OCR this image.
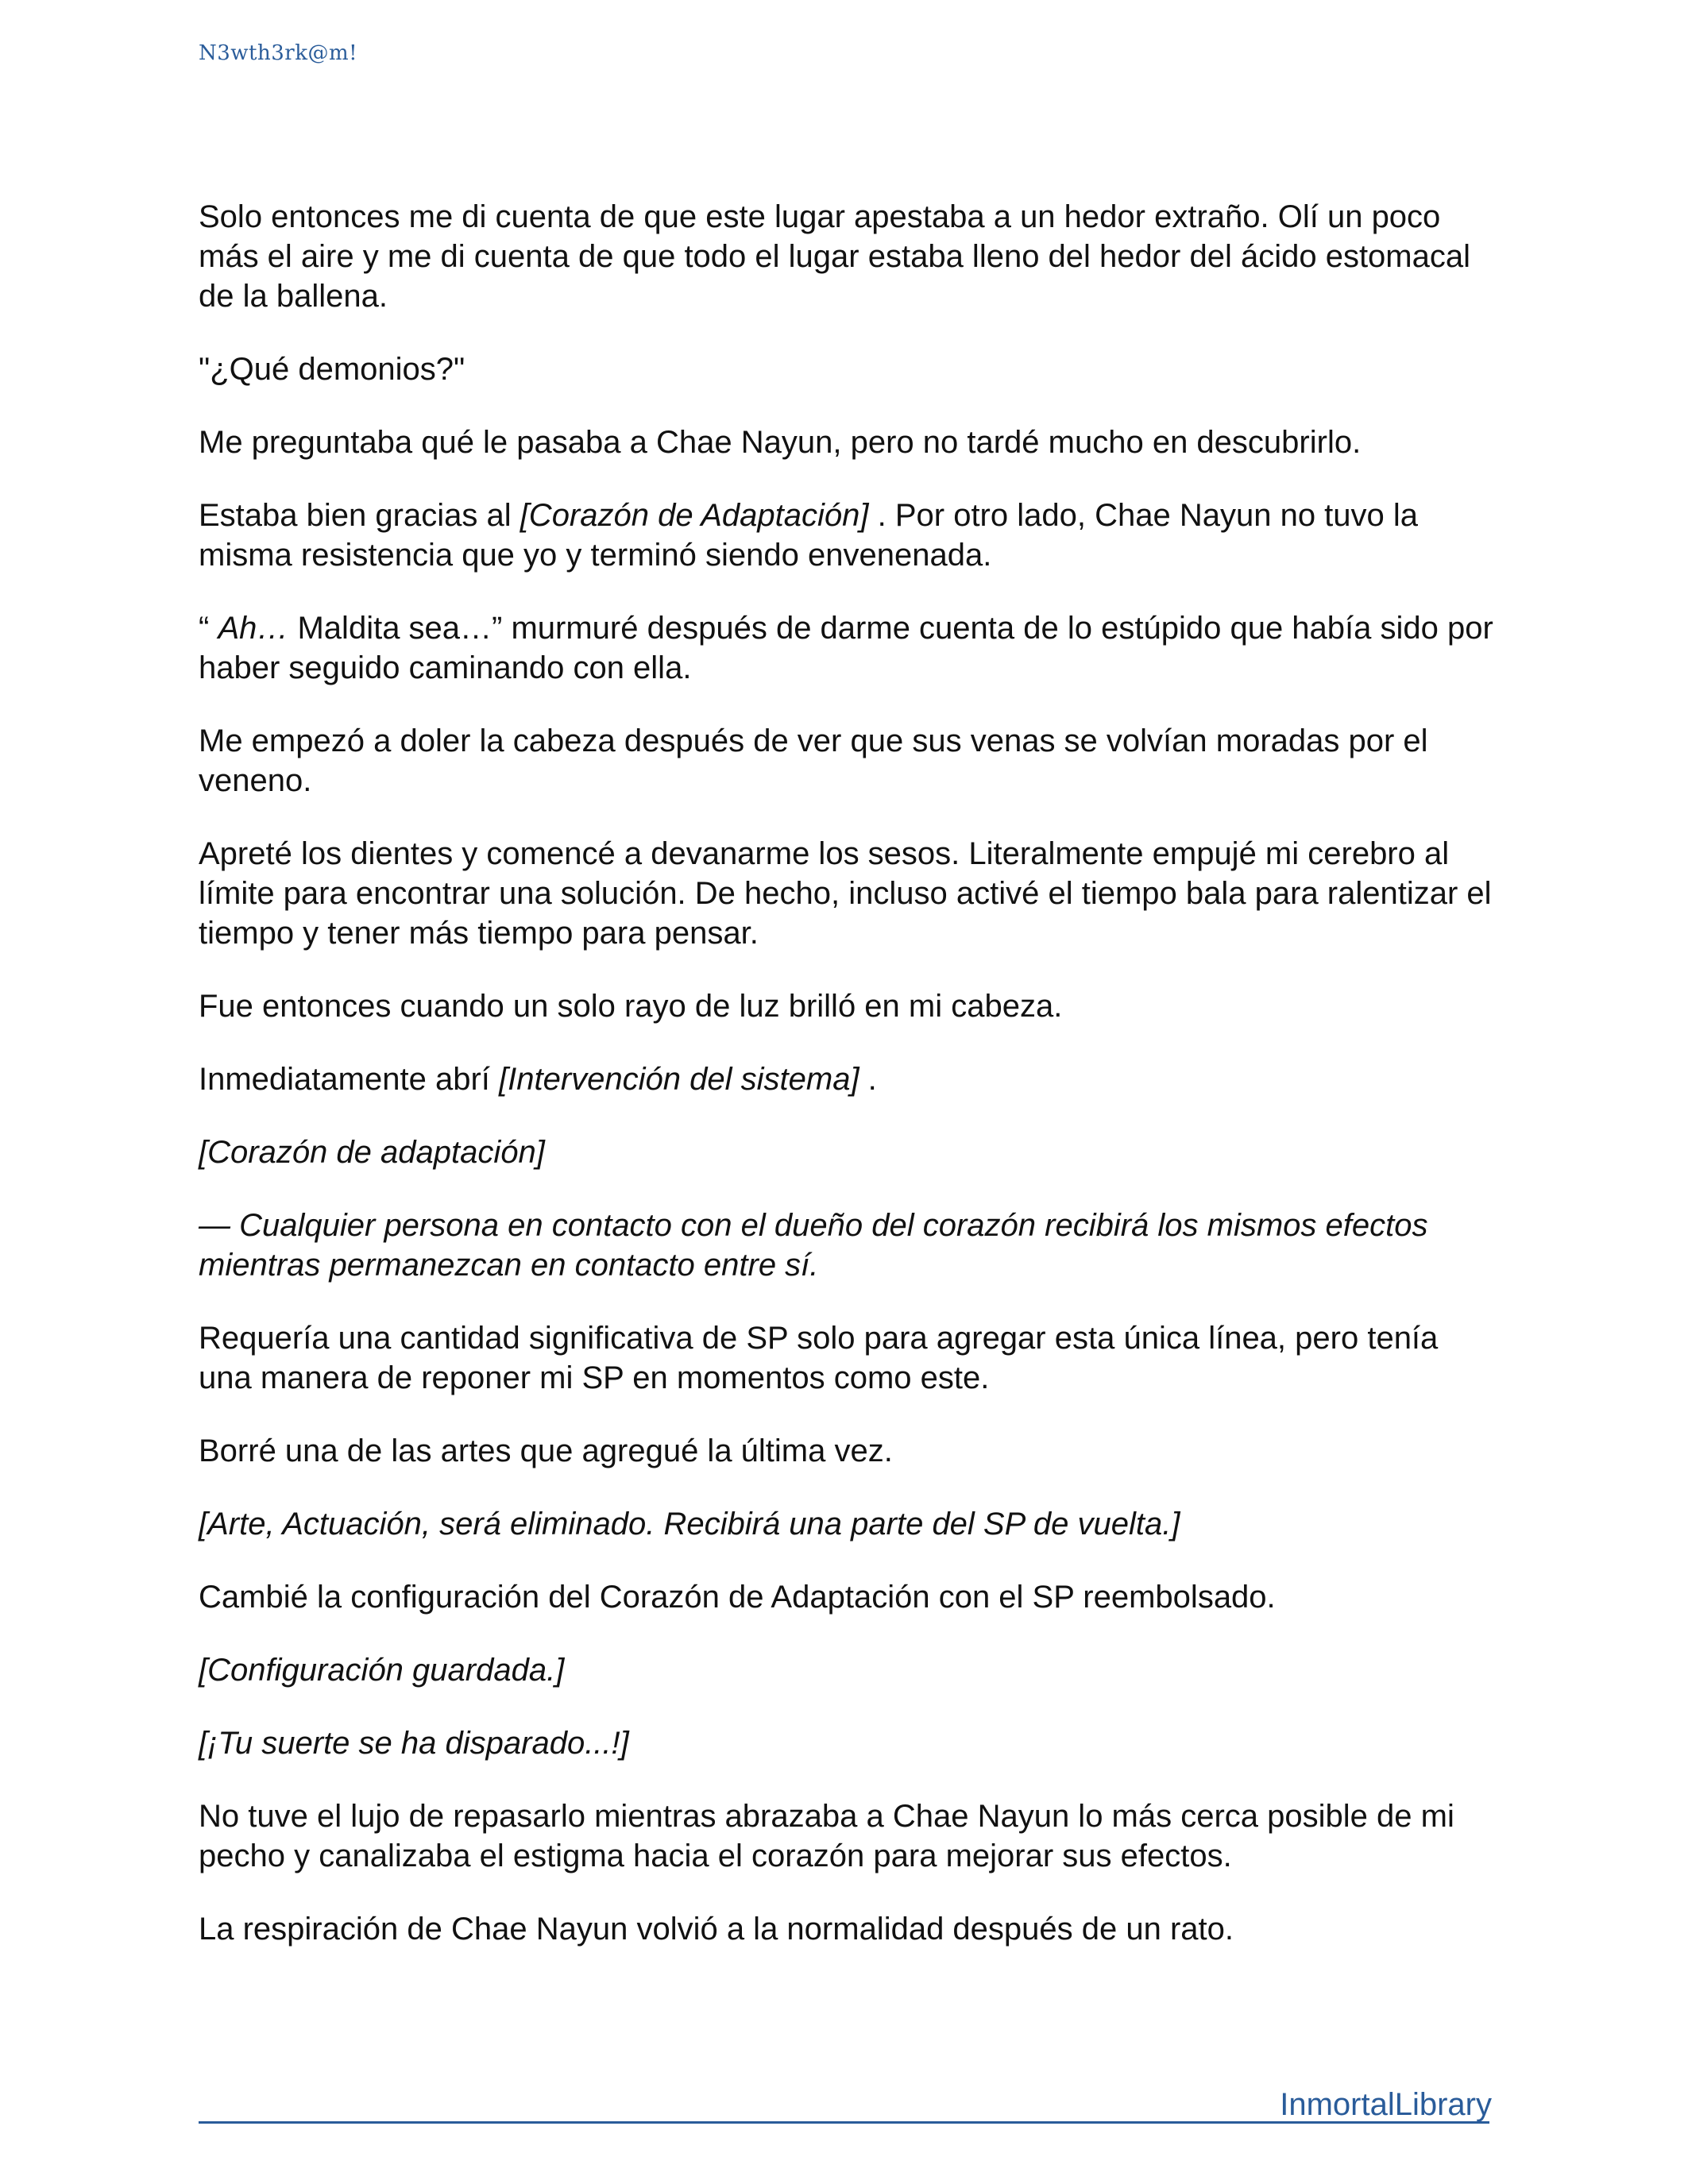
N3wth3rk@m!

Solo entonces me di cuenta de que este lugar apestaba a un hedor extraño. Olí un poco más el aire y me di cuenta de que todo el lugar estaba lleno del hedor del ácido estomacal de la ballena.

"¿Qué demonios?"

Me preguntaba qué le pasaba a Chae Nayun, pero no tardé mucho en descubrirlo.

Estaba bien gracias al [Corazón de Adaptación] . Por otro lado, Chae Nayun no tuvo la misma resistencia que yo y terminó siendo envenenada.

“ Ah… Maldita sea…” murmuré después de darme cuenta de lo estúpido que había sido por haber seguido caminando con ella.

Me empezó a doler la cabeza después de ver que sus venas se volvían moradas por el veneno.

Apreté los dientes y comencé a devanarme los sesos. Literalmente empujé mi cerebro al límite para encontrar una solución. De hecho, incluso activé el tiempo bala para ralentizar el tiempo y tener más tiempo para pensar.

Fue entonces cuando un solo rayo de luz brilló en mi cabeza.

Inmediatamente abrí [Intervención del sistema] .

[Corazón de adaptación]

— Cualquier persona en contacto con el dueño del corazón recibirá los mismos efectos mientras permanezcan en contacto entre sí.

Requería una cantidad significativa de SP solo para agregar esta única línea, pero tenía una manera de reponer mi SP en momentos como este.

Borré una de las artes que agregué la última vez.

[Arte, Actuación, será eliminado. Recibirá una parte del SP de vuelta.]

Cambié la configuración del Corazón de Adaptación con el SP reembolsado.

[Configuración guardada.]

[¡Tu suerte se ha disparado...!]

No tuve el lujo de repasarlo mientras abrazaba a Chae Nayun lo más cerca posible de mi pecho y canalizaba el estigma hacia el corazón para mejorar sus efectos.

La respiración de Chae Nayun volvió a la normalidad después de un rato.

InmortalLibrary
